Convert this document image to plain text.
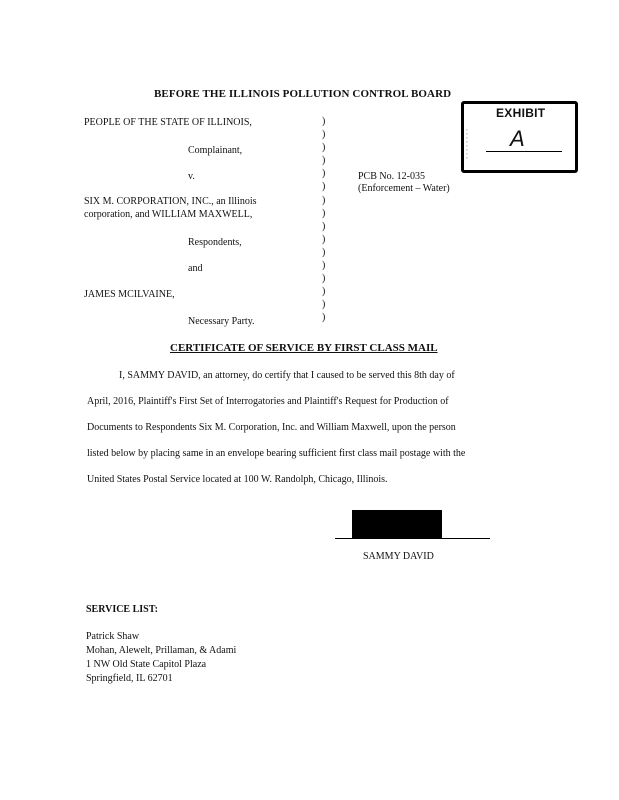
BEFORE THE ILLINOIS POLLUTION CONTROL BOARD
EXHIBIT
▪▪▪▪▪▪▪▪ A
PEOPLE OF THE STATE OF ILLINOIS,
Complainant,
v.
SIX M. CORPORATION, INC., an Illinois
corporation, and WILLIAM MAXWELL,
Respondents,
and
JAMES MCILVAINE,
Necessary Party.
)
)
)
)
)
)
)
)
)
)
)
)
)
)
)
)
PCB No. 12-035
(Enforcement – Water)
CERTIFICATE OF SERVICE BY FIRST CLASS MAIL
I, SAMMY DAVID, an attorney, do certify that I caused to be served this 8th day of
April, 2016, Plaintiff's First Set of Interrogatories and Plaintiff's Request for Production of
Documents to Respondents Six M. Corporation, Inc. and William Maxwell, upon the person
listed below by placing same in an envelope bearing sufficient first class mail postage with the
United States Postal Service located at 100 W. Randolph, Chicago, Illinois.
SAMMY DAVID
SERVICE LIST:
Patrick Shaw
Mohan, Alewelt, Prillaman, & Adami
1 NW Old State Capitol Plaza
Springfield, IL 62701
